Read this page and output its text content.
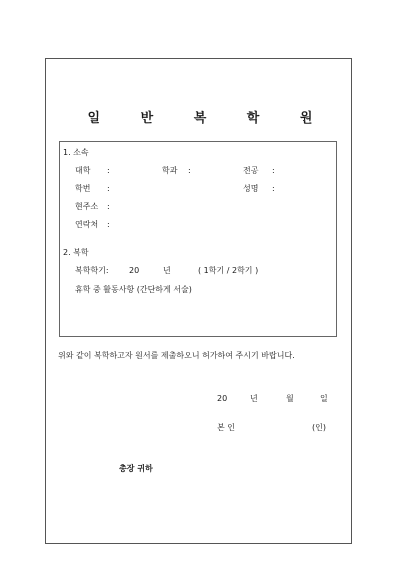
일 반 복 학 원
1. 소속
대학 :	학과 :	전공 :
학번 :	성명 :
현주소 :
연락처 :
2. 복학
복학학기:	20	년	( 1학기 / 2학기 )
휴학 중 활동사항 (간단하게 서술)
위와 같이 복학하고자 원서를 제출하오니 허가하여 주시기 바랍니다.
20	년	월	일
본 인	(인)
총장 귀하
